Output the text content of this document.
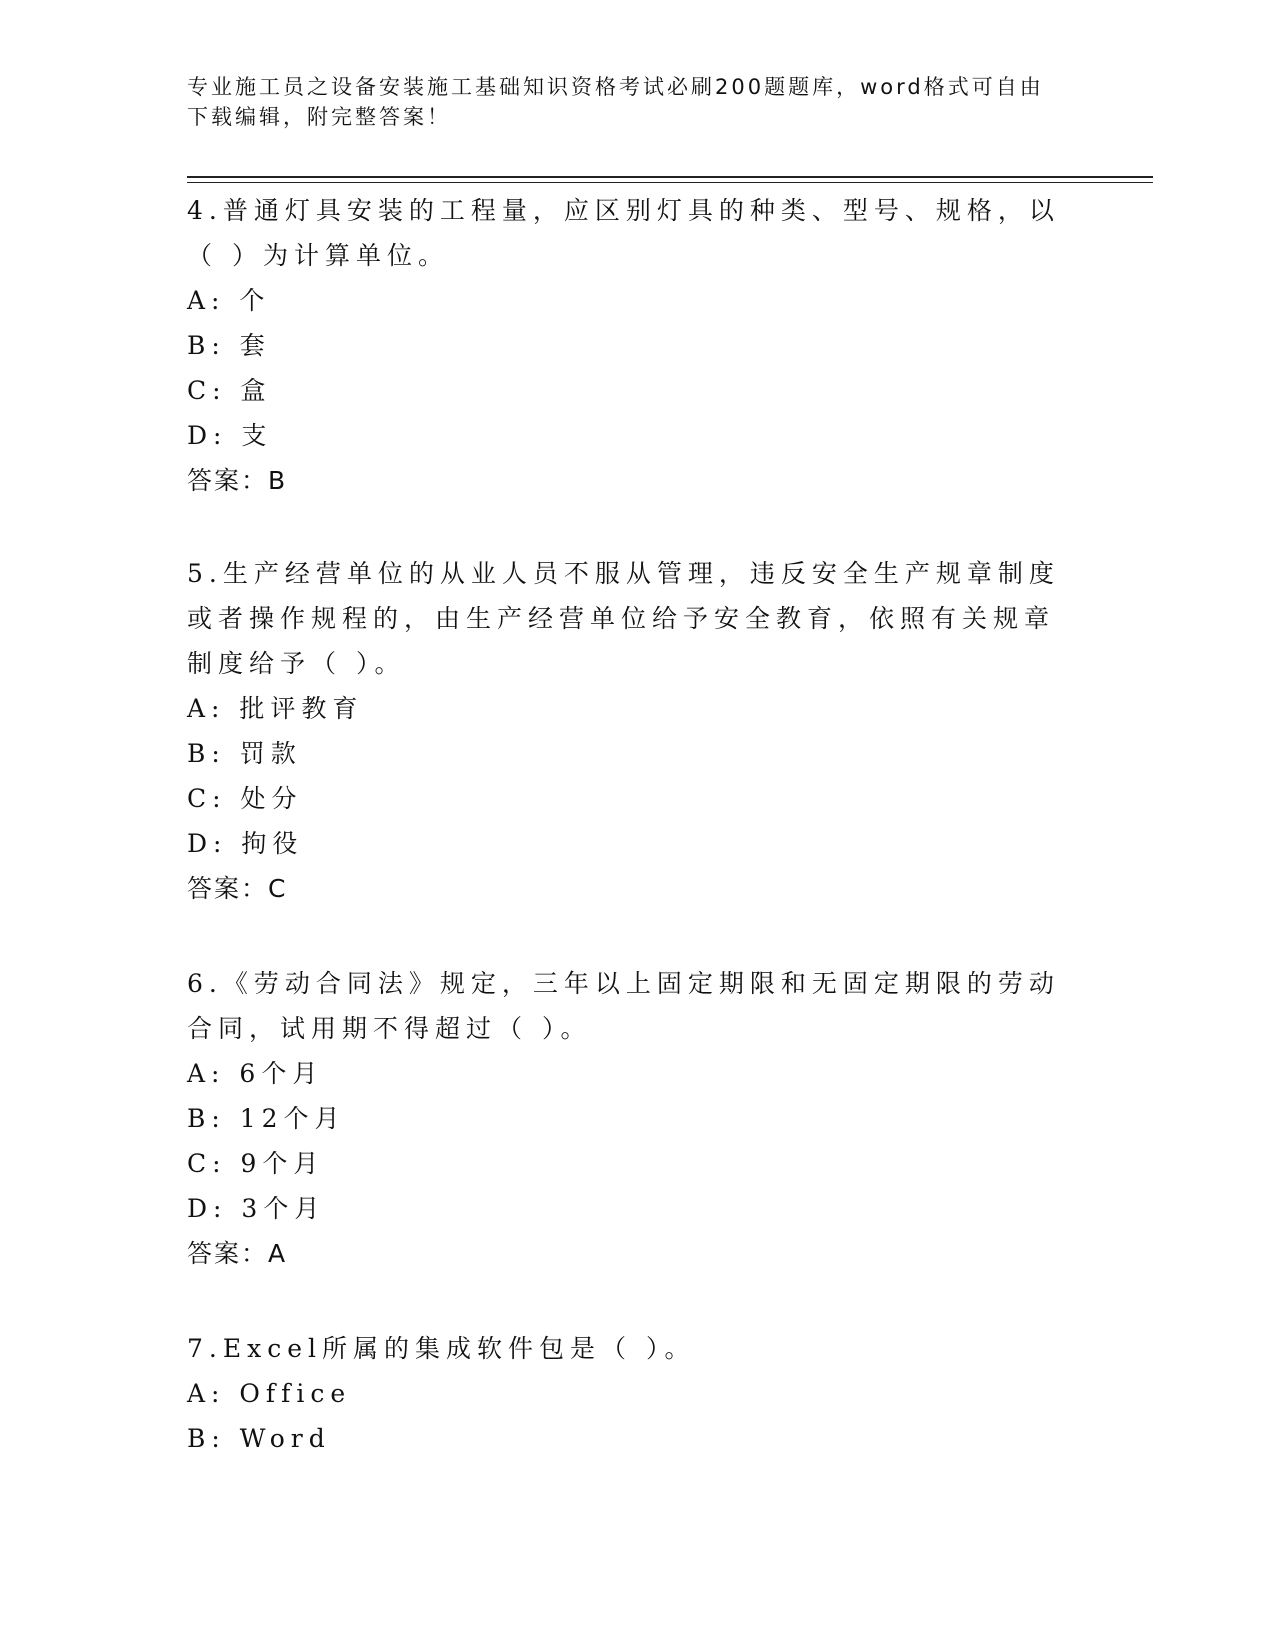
专业施工员之设备安装施工基础知识资格考试必刷200题题库，word格式可自由下载编辑，附完整答案！

4.普通灯具安装的工程量，应区别灯具的种类、型号、规格，以（ ）为计算单位。

A: 个

B: 套

C: 盒

D: 支

答案：B

5.生产经营单位的从业人员不服从管理，违反安全生产规章制度或者操作规程的，由生产经营单位给予安全教育，依照有关规章制度给予（ ）。

A: 批评教育

B: 罚款

C: 处分

D: 拘役

答案：C

6.《劳动合同法》规定，三年以上固定期限和无固定期限的劳动合同，试用期不得超过（ ）。

A: 6个月

B: 12个月

C: 9个月

D: 3个月

答案：A

7.Excel所属的集成软件包是（ ）。

A: Office

B: Word
